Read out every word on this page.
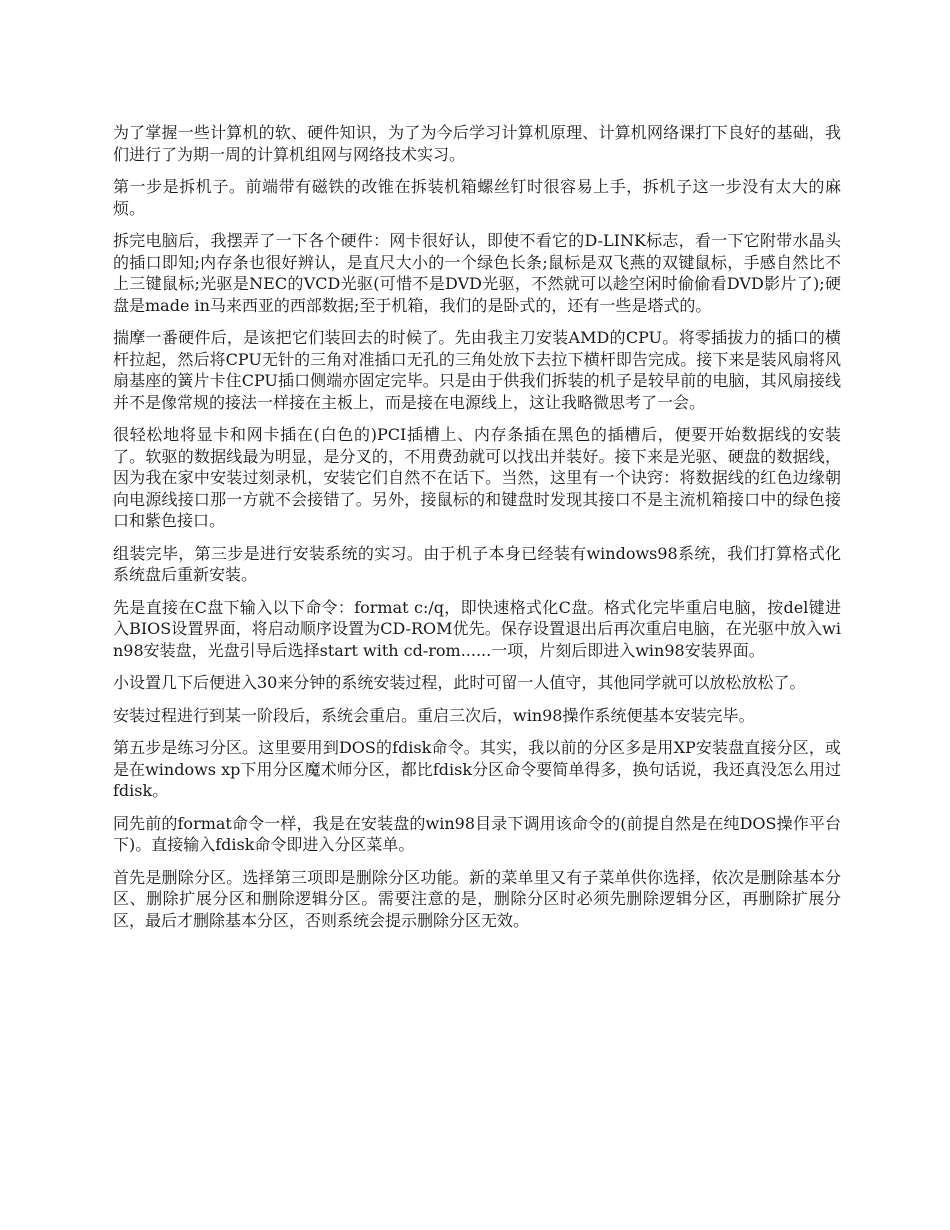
为了掌握一些计算机的软、硬件知识，为了为今后学习计算机原理、计算机网络课打下良好的基础，我们进行了为期一周的计算机组网与网络技术实习。

第一步是拆机子。前端带有磁铁的改锥在拆装机箱螺丝钉时很容易上手，拆机子这一步没有太大的麻烦。

拆完电脑后，我摆弄了一下各个硬件：网卡很好认，即使不看它的D-LINK标志，看一下它附带水晶头的插口即知;内存条也很好辨认，是直尺大小的一个绿色长条;鼠标是双飞燕的双键鼠标，手感自然比不上三键鼠标;光驱是NEC的VCD光驱(可惜不是DVD光驱，不然就可以趁空闲时偷偷看DVD影片了);硬盘是made in马来西亚的西部数据;至于机箱，我们的是卧式的，还有一些是塔式的。

揣摩一番硬件后，是该把它们装回去的时候了。先由我主刀安装AMD的CPU。将零插拔力的插口的横杆拉起，然后将CPU无针的三角对准插口无孔的三角处放下去拉下横杆即告完成。接下来是装风扇将风扇基座的簧片卡住CPU插口侧端亦固定完毕。只是由于供我们拆装的机子是较早前的电脑，其风扇接线并不是像常规的接法一样接在主板上，而是接在电源线上，这让我略微思考了一会。

很轻松地将显卡和网卡插在(白色的)PCI插槽上、内存条插在黑色的插槽后，便要开始数据线的安装了。软驱的数据线最为明显，是分叉的，不用费劲就可以找出并装好。接下来是光驱、硬盘的数据线，因为我在家中安装过刻录机，安装它们自然不在话下。当然，这里有一个诀窍：将数据线的红色边缘朝向电源线接口那一方就不会接错了。另外，接鼠标的和键盘时发现其接口不是主流机箱接口中的绿色接口和紫色接口。

组装完毕，第三步是进行安装系统的实习。由于机子本身已经装有windows98系统，我们打算格式化系统盘后重新安装。

先是直接在C盘下输入以下命令：format c:/q，即快速格式化C盘。格式化完毕重启电脑，按del键进入BIOS设置界面，将启动顺序设置为CD-ROM优先。保存设置退出后再次重启电脑，在光驱中放入win98安装盘，光盘引导后选择start with cd-rom......一项，片刻后即进入win98安装界面。

小设置几下后便进入30来分钟的系统安装过程，此时可留一人值守，其他同学就可以放松放松了。

安装过程进行到某一阶段后，系统会重启。重启三次后，win98操作系统便基本安装完毕。

第五步是练习分区。这里要用到DOS的fdisk命令。其实，我以前的分区多是用XP安装盘直接分区，或是在windows xp下用分区魔术师分区，都比fdisk分区命令要简单得多，换句话说，我还真没怎么用过fdisk。

同先前的format命令一样，我是在安装盘的win98目录下调用该命令的(前提自然是在纯DOS操作平台下)。直接输入fdisk命令即进入分区菜单。

首先是删除分区。选择第三项即是删除分区功能。新的菜单里又有子菜单供你选择，依次是删除基本分区、删除扩展分区和删除逻辑分区。需要注意的是，删除分区时必须先删除逻辑分区，再删除扩展分区，最后才删除基本分区，否则系统会提示删除分区无效。
